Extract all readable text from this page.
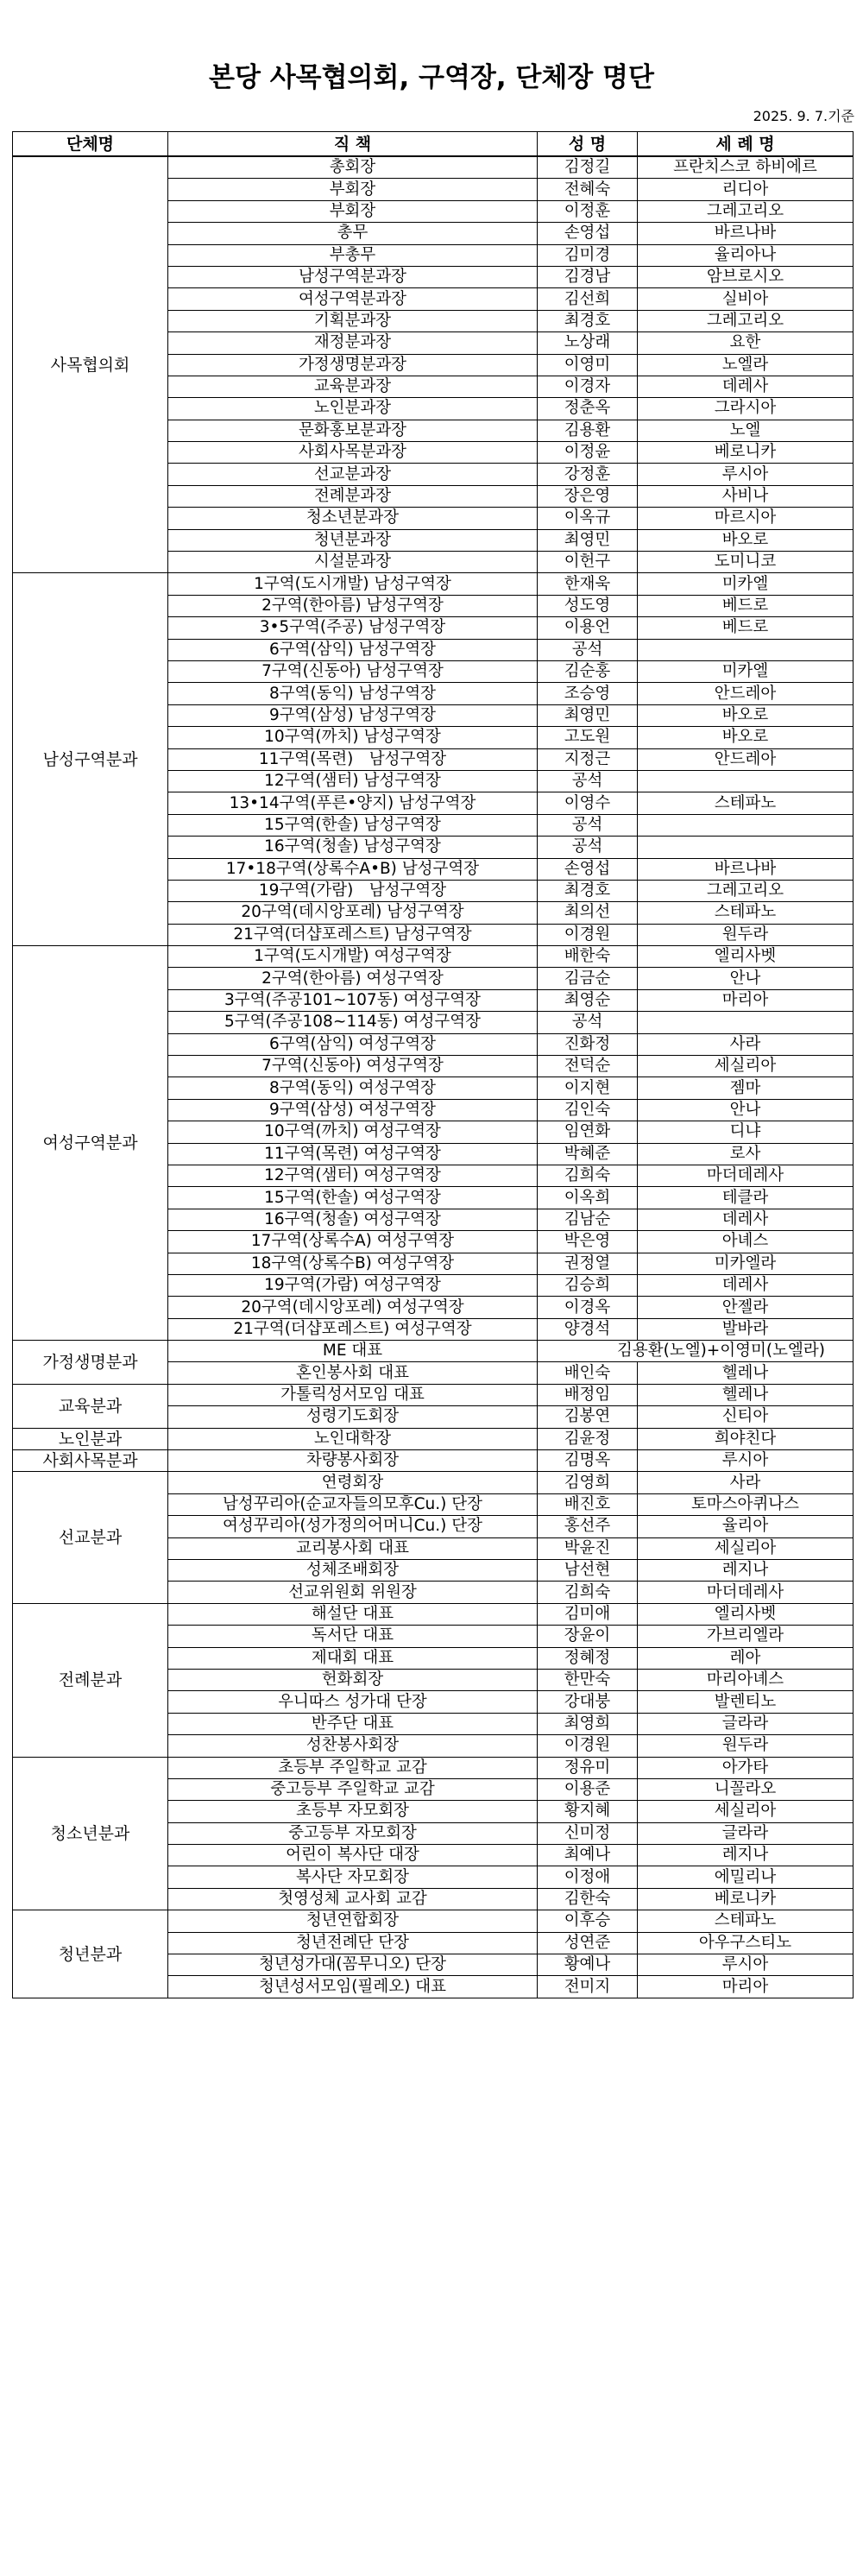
본당 사목협의회, 구역장, 단체장 명단
2025. 9. 7.기준
단체명	직 책	성 명	세 례 명
사목협의회	총회장	김정길	프란치스코 하비에르
	부회장	전혜숙	리디아
	부회장	이정훈	그레고리오
	총무	손영섭	바르나바
	부총무	김미경	율리아나
	남성구역분과장	김경남	암브로시오
	여성구역분과장	김선희	실비아
	기획분과장	최경호	그레고리오
	재정분과장	노상래	요한
	가정생명분과장	이영미	노엘라
	교육분과장	이경자	데레사
	노인분과장	정춘옥	그라시아
	문화홍보분과장	김용환	노엘
	사회사목분과장	이정윤	베로니카
	선교분과장	강정훈	루시아
	전례분과장	장은영	사비나
	청소년분과장	이옥규	마르시아
	청년분과장	최영민	바오로
	시설분과장	이헌구	도미니코
남성구역분과	1구역(도시개발) 남성구역장	한재욱	미카엘
	2구역(한아름) 남성구역장	성도영	베드로
	3•5구역(주공) 남성구역장	이용언	베드로
	6구역(삼익) 남성구역장	공석	
	7구역(신동아) 남성구역장	김순홍	미카엘
	8구역(동익) 남성구역장	조승영	안드레아
	9구역(삼성) 남성구역장	최영민	바오로
	10구역(까치) 남성구역장	고도원	바오로
	11구역(목련)　남성구역장	지정근	안드레아
	12구역(샘터) 남성구역장	공석	
	13•14구역(푸른•양지) 남성구역장	이영수	스테파노
	15구역(한솔) 남성구역장	공석	
	16구역(청솔) 남성구역장	공석	
	17•18구역(상록수A•B) 남성구역장	손영섭	바르나바
	19구역(가람)　남성구역장	최경호	그레고리오
	20구역(데시앙포레) 남성구역장	최의선	스테파노
	21구역(더샵포레스트) 남성구역장	이경원	원두라
여성구역분과	1구역(도시개발) 여성구역장	배한숙	엘리사벳
	2구역(한아름) 여성구역장	김금순	안나
	3구역(주공101~107동) 여성구역장	최영순	마리아
	5구역(주공108~114동) 여성구역장	공석	
	6구역(삼익) 여성구역장	진화정	사라
	7구역(신동아) 여성구역장	전덕순	세실리아
	8구역(동익) 여성구역장	이지현	젬마
	9구역(삼성) 여성구역장	김인숙	안나
	10구역(까치) 여성구역장	임연화	디냐
	11구역(목련) 여성구역장	박혜준	로사
	12구역(샘터) 여성구역장	김희숙	마더데레사
	15구역(한솔) 여성구역장	이옥희	테클라
	16구역(청솔) 여성구역장	김남순	데레사
	17구역(상록수A) 여성구역장	박은영	아녜스
	18구역(상록수B) 여성구역장	권정열	미카엘라
	19구역(가람) 여성구역장	김승희	데레사
	20구역(데시앙포레) 여성구역장	이경옥	안젤라
	21구역(더샵포레스트) 여성구역장	양경석	발바라
가정생명분과	ME 대표	김용환(노엘)+이영미(노엘라)	
	혼인봉사회 대표	배인숙	헬레나
교육분과	가톨릭성서모임 대표	배정임	헬레나
	성령기도회장	김봉연	신티아
노인분과	노인대학장	김윤정	희야친다
사회사목분과	차량봉사회장	김명옥	루시아
선교분과	연령회장	김영희	사라
	남성꾸리아(순교자들의모후Cu.) 단장	배진호	토마스아퀴나스
	여성꾸리아(성가정의어머니Cu.) 단장	홍선주	율리아
	교리봉사회 대표	박윤진	세실리아
	성체조배회장	남선현	레지나
	선교위원회 위원장	김희숙	마더데레사
전례분과	해설단 대표	김미애	엘리사벳
	독서단 대표	장윤이	가브리엘라
	제대회 대표	정혜정	레아
	헌화회장	한만숙	마리아녜스
	우니따스 성가대 단장	강대붕	발렌티노
	반주단 대표	최영희	글라라
	성찬봉사회장	이경원	원두라
청소년분과	초등부 주일학교 교감	정유미	아가타
	중고등부 주일학교 교감	이용준	니꼴라오
	초등부 자모회장	황지혜	세실리아
	중고등부 자모회장	신미정	글라라
	어린이 복사단 대장	최예나	레지나
	복사단 자모회장	이정애	에밀리나
	첫영성체 교사회 교감	김한숙	베로니카
청년분과	청년연합회장	이후승	스테파노
	청년전례단 단장	성연준	아우구스티노
	청년성가대(꼼무니오) 단장	황예나	루시아
	청년성서모임(필레오) 대표	전미지	마리아
